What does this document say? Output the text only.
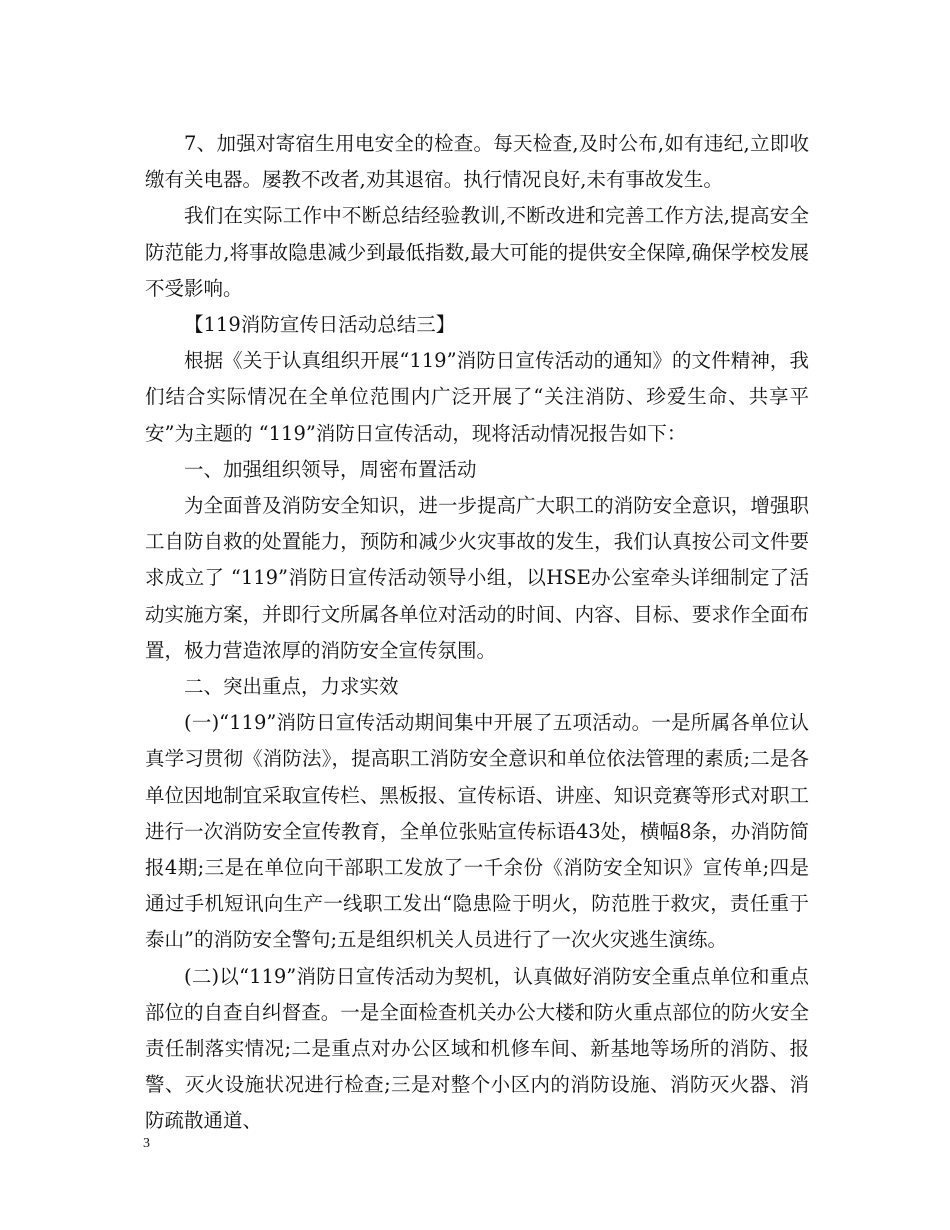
7、加强对寄宿生用电安全的检查。每天检查,及时公布,如有违纪,立即收缴有关电器。屡教不改者,劝其退宿。执行情况良好,未有事故发生。

我们在实际工作中不断总结经验教训,不断改进和完善工作方法,提高安全防范能力,将事故隐患减少到最低指数,最大可能的提供安全保障,确保学校发展不受影响。

【119消防宣传日活动总结三】

根据《关于认真组织开展“119”消防日宣传活动的通知》的文件精神，我们结合实际情况在全单位范围内广泛开展了“关注消防、珍爱生命、共享平安”为主题的 “119”消防日宣传活动，现将活动情况报告如下：

一、加强组织领导，周密布置活动

为全面普及消防安全知识，进一步提高广大职工的消防安全意识，增强职工自防自救的处置能力，预防和减少火灾事故的发生，我们认真按公司文件要求成立了 “119”消防日宣传活动领导小组，以HSE办公室牵头详细制定了活动实施方案，并即行文所属各单位对活动的时间、内容、目标、要求作全面布置，极力营造浓厚的消防安全宣传氛围。

二、突出重点，力求实效

(一)“119”消防日宣传活动期间集中开展了五项活动。一是所属各单位认真学习贯彻《消防法》，提高职工消防安全意识和单位依法管理的素质;二是各单位因地制宜采取宣传栏、黑板报、宣传标语、讲座、知识竞赛等形式对职工进行一次消防安全宣传教育，全单位张贴宣传标语43处，横幅8条，办消防简报4期;三是在单位向干部职工发放了一千余份《消防安全知识》宣传单;四是通过手机短讯向生产一线职工发出“隐患险于明火，防范胜于救灾，责任重于泰山”的消防安全警句;五是组织机关人员进行了一次火灾逃生演练。

(二)以“119”消防日宣传活动为契机，认真做好消防安全重点单位和重点部位的自查自纠督查。一是全面检查机关办公大楼和防火重点部位的防火安全责任制落实情况;二是重点对办公区域和机修车间、新基地等场所的消防、报警、灭火设施状况进行检查;三是对整个小区内的消防设施、消防灭火器、消防疏散通道、

3
